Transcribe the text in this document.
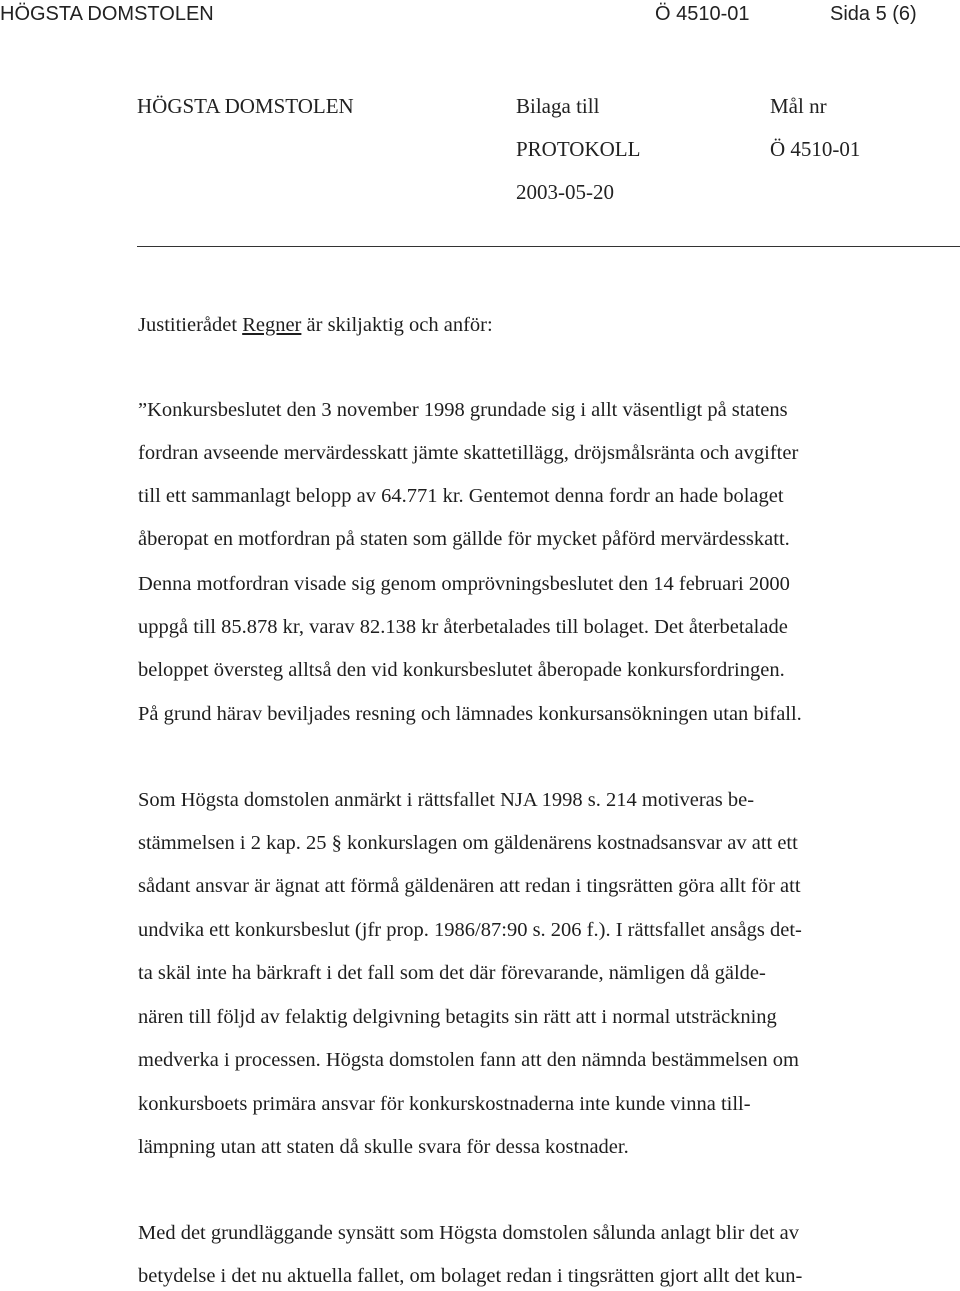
HÖGSTA DOMSTOLEN	Ö 4510-01	Sida 5 (6)
HÖGSTA DOMSTOLEN	Bilaga till
PROTOKOLL
2003-05-20
Mål nr
Ö 4510-01
Justitierådet Regner är skiljaktig och anför:
”Konkursbeslutet den 3 november 1998 grundade sig i allt väsentligt på statens
fordran avseende mervärdesskatt jämte skattetillägg, dröjsmålsränta och avgifter
till ett sammanlagt belopp av 64.771 kr. Gentemot denna fordr an hade bolaget
åberopat en motfordran på staten som gällde för mycket påförd mervärdesskatt.
Denna motfordran visade sig genom omprövningsbeslutet den 14 februari 2000
uppgå till 85.878 kr, varav 82.138 kr återbetalades till bolaget. Det återbetalade
beloppet översteg alltså den vid konkursbeslutet åberopade konkursfordringen.
På grund härav beviljades resning och lämnades konkursansökningen utan bifall.
Som Högsta domstolen anmärkt i rättsfallet NJA 1998 s. 214 motiveras be-
stämmelsen i 2 kap. 25 § konkurslagen om gäldenärens kostnadsansvar av att ett
sådant ansvar är ägnat att förmå gäldenären att redan i tingsrätten göra allt för att
undvika ett konkursbeslut (jfr prop. 1986/87:90 s. 206 f.). I rättsfallet ansågs det-
ta skäl inte ha bärkraft i det fall som det där förevarande, nämligen då gälde-
nären till följd av felaktig delgivning betagits sin rätt att i normal utsträckning
medverka i processen. Högsta domstolen fann att den nämnda bestämmelsen om
konkursboets primära ansvar för konkurskostnaderna inte kunde vinna till-
lämpning utan att staten då skulle svara för dessa kostnader.
Med det grundläggande synsätt som Högsta domstolen sålunda anlagt blir det av
betydelse i det nu aktuella fallet, om bolaget redan i tingsrätten gjort allt det kun-
